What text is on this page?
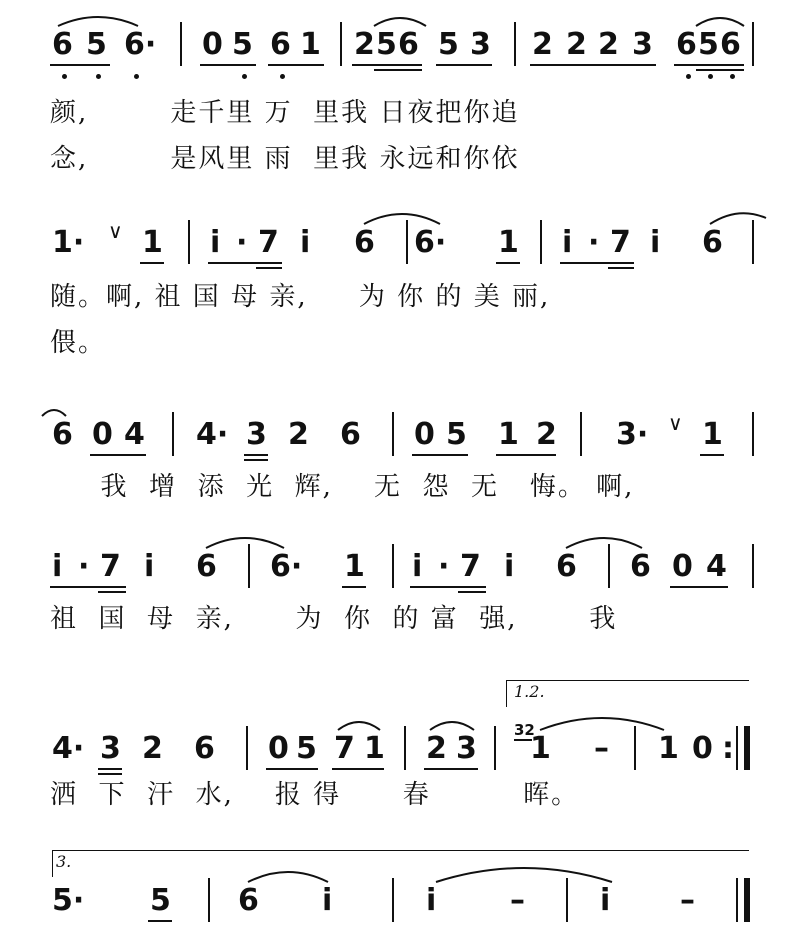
6 5 6· 0 5 6 1 2 5 6 5 3 2 2 2 3 6 5 6
颜,        走千里 万  里我 日夜把你追
念,        是风里 雨  里我 永远和你依
1· ∨ 1 i · 7 i 6 6· 1 i · 7 i 6
随。啊, 祖 国 母 亲,     为 你 的 美 丽,
偎。
6 0 4 4· 3 2 6 0 5 1 2 3· ∨ 1
我  增  添  光  辉,    无  怨  无   悔。 啊,
i · 7 i 6 6· 1 i · 7 i 6 6 0 4
祖  国  母  亲,      为  你  的 富  强,       我
1.2.
4· 3 2 6 0 5 7 1 2 3
32
1 – 1 0 :
洒  下  汗  水,    报 得      春         晖。
3.
5· 5 6 i	i –	i –
